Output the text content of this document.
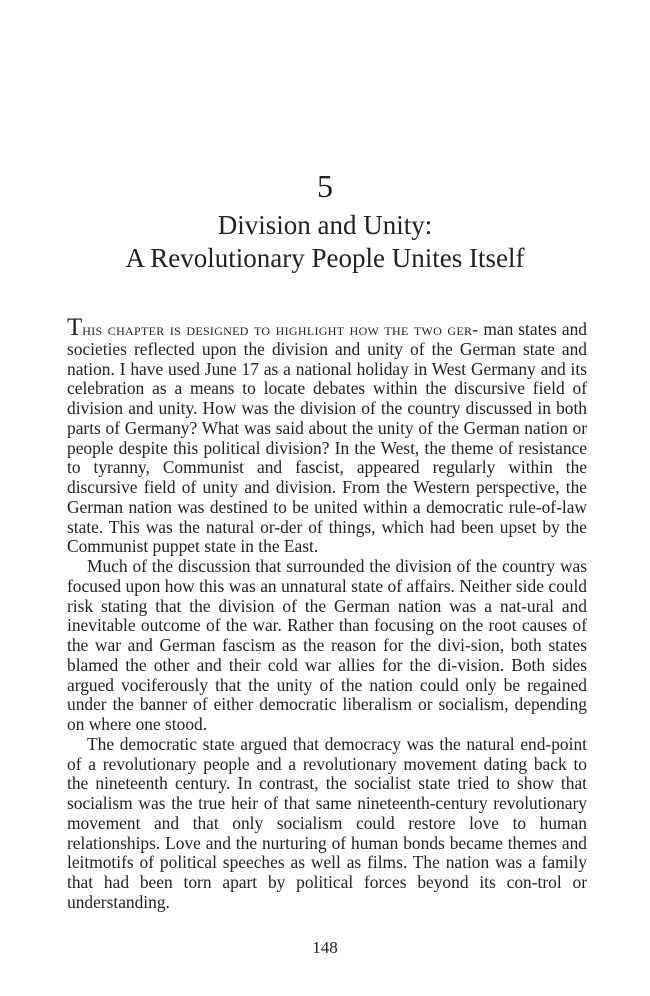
5
Division and Unity:
A Revolutionary People Unites Itself

This chapter is designed to highlight how the two ger- man states and societies reflected upon the division and unity of the German state and nation. I have used June 17 as a national holiday in West Germany and its celebration as a means to locate debates within the discursive field of division and unity. How was the division of the country discussed in both parts of Germany? What was said about the unity of the German nation or people despite this political division? In the West, the theme of resistance to tyranny, Communist and fascist, appeared regularly within the discursive field of unity and division. From the Western perspective, the German nation was destined to be united within a democratic rule-of-law state. This was the natural or-der of things, which had been upset by the Communist puppet state in the East.

Much of the discussion that surrounded the division of the country was focused upon how this was an unnatural state of affairs. Neither side could risk stating that the division of the German nation was a nat-ural and inevitable outcome of the war. Rather than focusing on the root causes of the war and German fascism as the reason for the divi-sion, both states blamed the other and their cold war allies for the di-vision. Both sides argued vociferously that the unity of the nation could only be regained under the banner of either democratic liberalism or socialism, depending on where one stood.

The democratic state argued that democracy was the natural end-point of a revolutionary people and a revolutionary movement dating back to the nineteenth century. In contrast, the socialist state tried to show that socialism was the true heir of that same nineteenth-century revolutionary movement and that only socialism could restore love to human relationships. Love and the nurturing of human bonds became themes and leitmotifs of political speeches as well as films. The nation was a family that had been torn apart by political forces beyond its con-trol or understanding.

148
